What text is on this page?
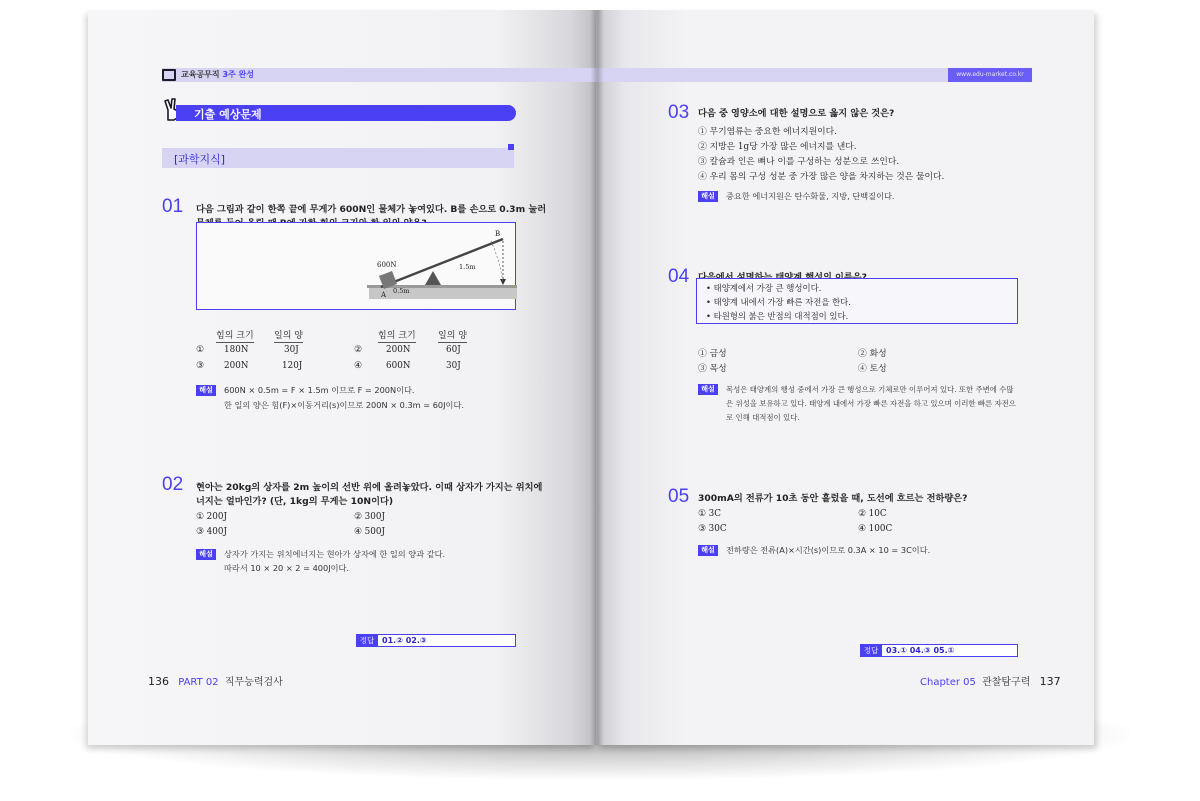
교육공무직 3주 완성
기출 예상문제
[과학지식]
01 다음 그림과 같이 한쪽 끝에 무게가 600N인 물체가 놓여있다. B를 손으로 0.3m 눌러
600N
A
B
0.5m
1.5m
힘의 크기 일의 양	힘의 크기 일의 양
① 180N	30J	②	200N	60J
③ 200N	120J	④	600N	30J
해설	600N × 0.5m = F × 1.5m 이므로 F = 200N이다.
한 일의 양은 힘(F)×이동거리(s)이므로 200N × 0.3m = 60J이다.
02 현아는 20kg의 상자를 2m 높이의 선반 위에 올려놓았다. 이때 상자가 가지는 위치에
너지는 얼마인가? (단, 1kg의 무게는 10N이다)
① 200J	② 300J
③ 400J	④ 500J
해설	상자가 가지는 위치에너지는 현아가 상자에 한 일의 양과 같다.
따라서 10 × 20 × 2 = 400J이다.
정답 01.② 02.③
136 PART 02 직무능력검사
www.edu-market.co.kr
03 다음 중 영양소에 대한 설명으로 옳지 않은 것은?
① 무기염류는 중요한 에너지원이다.
② 지방은 1g당 가장 많은 에너지를 낸다.
③ 칼슘과 인은 뼈나 이를 구성하는 성분으로 쓰인다.
④ 우리 몸의 구성 성분 중 가장 많은 양을 차지하는 것은 물이다.
해설	중요한 에너지원은 탄수화물, 지방, 단백질이다.
04
• 태양계에서 가장 큰 행성이다.
• 태양계 내에서 가장 빠른 자전을 한다.
• 타원형의 붉은 반점의 대적점이 있다.
① 금성	② 화성
③ 목성	④ 토성
해설	목성은 태양계의 행성 중에서 가장 큰 행성으로 기체로만 이루어져 있다. 또한 주변에 수많
은 위성을 보유하고 있다. 태양계 내에서 가장 빠른 자전을 하고 있으며 이러한 빠른 자전으
로 인해 대적점이 있다.
05 300mA의 전류가 10초 동안 흘렀을 때, 도선에 흐르는 전하량은?
① 3C	② 10C
③ 30C	④ 100C
해설	전하량은 전류(A)×시간(s)이므로 0.3A × 10 = 3C이다.
정답 03.① 04.③ 05.①
Chapter 05 관찰탐구력 137
